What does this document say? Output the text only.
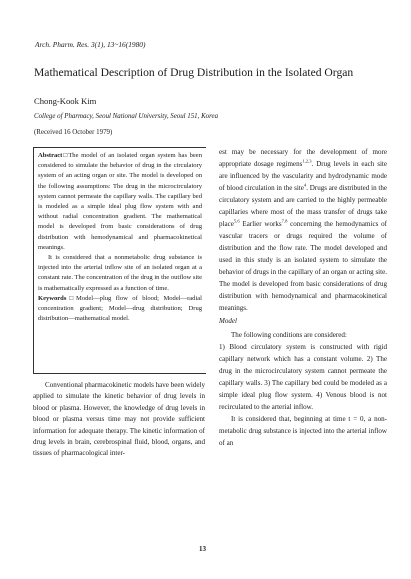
Arch. Pharm. Res. 3(1), 13~16(1980)
Mathematical Description of Drug Distribution in the Isolated Organ
Chong-Kook Kim
College of Pharmacy, Seoul National University, Seoul 151, Korea
(Received 16 October 1979)

Abstract□The model of an isolated organ system has been considered to simulate the behavior of drug in the circulatory system of an acting organ or site. The model is developed on the following assumptions: The drug in the microcirculatory system cannot permeate the capillary walls. The capillary bed is modeled as a simple ideal plug flow system with and without radial concentration gradient. The mathematical model is developed from basic considerations of drug distribution with hemodynamical and pharmacokinetical meanings.

It is considered that a nonmetabolic drug substance is injected into the arterial inflow site of an isolated organ at a constant rate. The concentration of the drug in the outflow site is mathematically expressed as a function of time.

Keywords□Model—plug flow of blood; Model—radial concentration gradient; Model—drug distribution; Drug distribution—mathematical model.

Conventional pharmacokinetic models have been widely applied to simulate the kinetic behavior of drug levels in blood or plasma. However, the knowledge of drug levels in blood or plasma versus time may not provide sufficient information for adequate therapy. The kinetic information of drug levels in brain, cerebrospinal fluid, blood, organs, and tissues of pharmacological inter-

est may be necessary for the development of more appropriate dosage regimens$^{1,2,3}$. Drug levels in each site are influenced by the vascularity and hydrodynamic mode of blood circulation in the site$^4$. Drugs are distributed in the circulatory system and are carried to the highly permeable capillaries where most of the mass transfer of drugs take place$^{5,6}$ Earlier works$^{7,8}$ concerning the hemodynamics of vascular tracers or drugs required the volume of distribution and the flow rate. The model developed and used in this study is an isolated system to simulate the behavior of drugs in the capillary of an organ or acting site. The model is developed from basic considerations of drug distribution with hemodynamical and pharmacokinetical meanings.

Model

The following conditions are considered:

1) Blood circulatory system is constructed with rigid capillary network which has a constant volume. 2) The drug in the microcirculatory system cannot permeate the capillary walls. 3) The capillary bed could be modeled as a simple ideal plug flow system. 4) Venous blood is not recirculated to the arterial inflow.

It is considered that, beginning at time t = 0, a non-metabolic drug substance is injected into the arterial inflow of an

13
